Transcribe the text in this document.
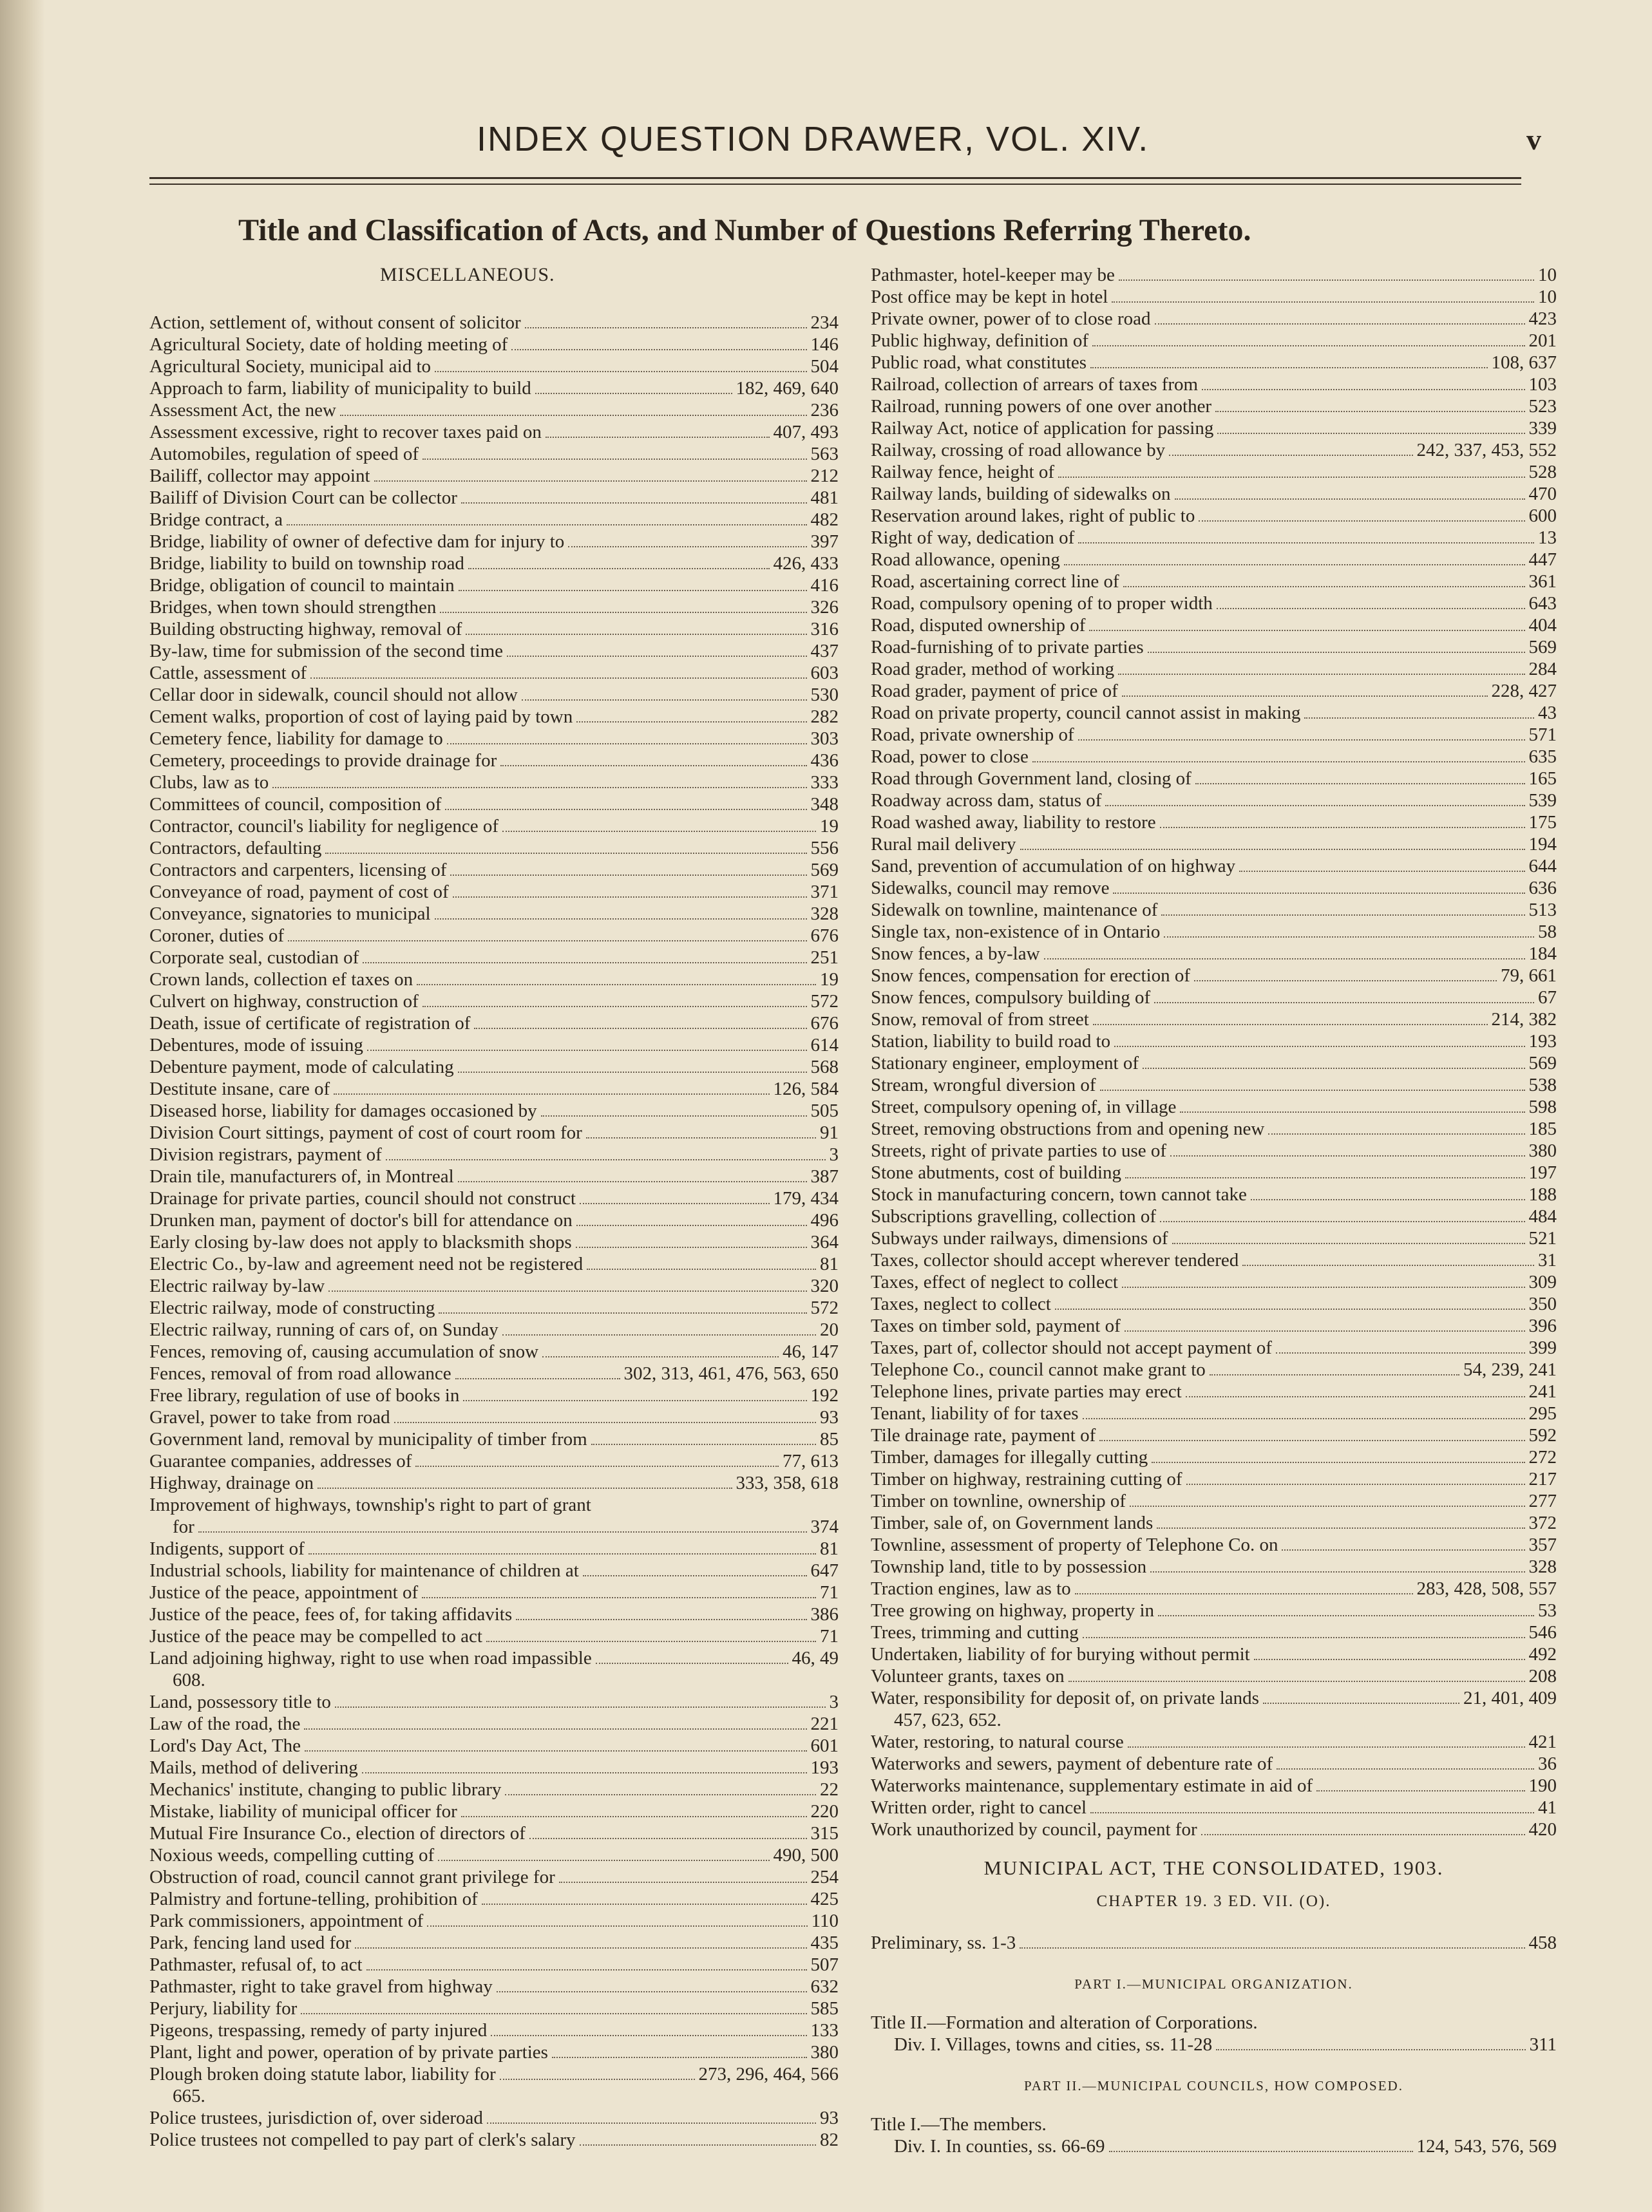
INDEX QUESTION DRAWER, VOL. XIV.	v
Title and Classification of Acts, and Number of Questions Referring Thereto.
MISCELLANEOUS.
Action, settlement of, without consent of solicitor	234
Agricultural Society, date of holding meeting of	146
Agricultural Society, municipal aid to	504
Approach to farm, liability of municipality to build	182, 469, 640
Assessment Act, the new	236
Assessment excessive, right to recover taxes paid on	407, 493
Automobiles, regulation of speed of	563
Bailiff, collector may appoint	212
Bailiff of Division Court can be collector	481
Bridge contract, a	482
Bridge, liability of owner of defective dam for injury to	397
Bridge, liability to build on township road	426, 433
Bridge, obligation of council to maintain	416
Bridges, when town should strengthen	326
Building obstructing highway, removal of	316
By-law, time for submission of the second time	437
Cattle, assessment of	603
Cellar door in sidewalk, council should not allow	530
Cement walks, proportion of cost of laying paid by town	282
Cemetery fence, liability for damage to	303
Cemetery, proceedings to provide drainage for	436
Clubs, law as to	333
Committees of council, composition of	348
Contractor, council's liability for negligence of	19
Contractors, defaulting	556
Contractors and carpenters, licensing of	569
Conveyance of road, payment of cost of	371
Conveyance, signatories to municipal	328
Coroner, duties of	676
Corporate seal, custodian of	251
Crown lands, collection ef taxes on	19
Culvert on highway, construction of	572
Death, issue of certificate of registration of	676
Debentures, mode of issuing	614
Debenture payment, mode of calculating	568
Destitute insane, care of	126, 584
Diseased horse, liability for damages occasioned by	505
Division Court sittings, payment of cost of court room for	91
Division registrars, payment of	3
Drain tile, manufacturers of, in Montreal	387
Drainage for private parties, council should not construct	179, 434
Drunken man, payment of doctor's bill for attendance on	496
Early closing by-law does not apply to blacksmith shops	364
Electric Co., by-law and agreement need not be registered	81
Electric railway by-law	320
Electric railway, mode of constructing	572
Electric railway, running of cars of, on Sunday	20
Fences, removing of, causing accumulation of snow	46, 147
Fences, removal of from road allowance	302, 313, 461, 476, 563, 650
Free library, regulation of use of books in	192
Gravel, power to take from road	93
Government land, removal by municipality of timber from	85
Guarantee companies, addresses of	77, 613
Highway, drainage on	333, 358, 618
Improvement of highways, township's right to part of grant
for	374
Indigents, support of	81
Industrial schools, liability for maintenance of children at	647
Justice of the peace, appointment of	71
Justice of the peace, fees of, for taking affidavits	386
Justice of the peace may be compelled to act	71
Land adjoining highway, right to use when road impassible	46, 49
608.
Land, possessory title to	3
Law of the road, the	221
Lord's Day Act, The	601
Mails, method of delivering	193
Mechanics' institute, changing to public library	22
Mistake, liability of municipal officer for	220
Mutual Fire Insurance Co., election of directors of	315
Noxious weeds, compelling cutting of	490, 500
Obstruction of road, council cannot grant privilege for	254
Palmistry and fortune-telling, prohibition of	425
Park commissioners, appointment of	110
Park, fencing land used for	435
Pathmaster, refusal of, to act	507
Pathmaster, right to take gravel from highway	632
Perjury, liability for	585
Pigeons, trespassing, remedy of party injured	133
Plant, light and power, operation of by private parties	380
Plough broken doing statute labor, liability for	273, 296, 464, 566
665.
Police trustees, jurisdiction of, over sideroad	93
Police trustees not compelled to pay part of clerk's salary	82
Pathmaster, hotel-keeper may be	10
Post office may be kept in hotel	10
Private owner, power of to close road	423
Public highway, definition of	201
Public road, what constitutes	108, 637
Railroad, collection of arrears of taxes from	103
Railroad, running powers of one over another	523
Railway Act, notice of application for passing	339
Railway, crossing of road allowance by	242, 337, 453, 552
Railway fence, height of	528
Railway lands, building of sidewalks on	470
Reservation around lakes, right of public to	600
Right of way, dedication of	13
Road allowance, opening	447
Road, ascertaining correct line of	361
Road, compulsory opening of to proper width	643
Road, disputed ownership of	404
Road-furnishing of to private parties	569
Road grader, method of working	284
Road grader, payment of price of	228, 427
Road on private property, council cannot assist in making	43
Road, private ownership of	571
Road, power to close	635
Road through Government land, closing of	165
Roadway across dam, status of	539
Road washed away, liability to restore	175
Rural mail delivery	194
Sand, prevention of accumulation of on highway	644
Sidewalks, council may remove	636
Sidewalk on townline, maintenance of	513
Single tax, non-existence of in Ontario	58
Snow fences, a by-law	184
Snow fences, compensation for erection of	79, 661
Snow fences, compulsory building of	67
Snow, removal of from street	214, 382
Station, liability to build road to	193
Stationary engineer, employment of	569
Stream, wrongful diversion of	538
Street, compulsory opening of, in village	598
Street, removing obstructions from and opening new	185
Streets, right of private parties to use of	380
Stone abutments, cost of building	197
Stock in manufacturing concern, town cannot take	188
Subscriptions gravelling, collection of	484
Subways under railways, dimensions of	521
Taxes, collector should accept wherever tendered	31
Taxes, effect of neglect to collect	309
Taxes, neglect to collect	350
Taxes on timber sold, payment of	396
Taxes, part of, collector should not accept payment of	399
Telephone Co., council cannot make grant to	54, 239, 241
Telephone lines, private parties may erect	241
Tenant, liability of for taxes	295
Tile drainage rate, payment of	592
Timber, damages for illegally cutting	272
Timber on highway, restraining cutting of	217
Timber on townline, ownership of	277
Timber, sale of, on Government lands	372
Townline, assessment of property of Telephone Co. on	357
Township land, title to by possession	328
Traction engines, law as to	283, 428, 508, 557
Tree growing on highway, property in	53
Trees, trimming and cutting	546
Undertaken, liability of for burying without permit	492
Volunteer grants, taxes on	208
Water, responsibility for deposit of, on private lands	21, 401, 409
457, 623, 652.
Water, restoring, to natural course	421
Waterworks and sewers, payment of debenture rate of	36
Waterworks maintenance, supplementary estimate in aid of	190
Written order, right to cancel	41
Work unauthorized by council, payment for	420
MUNICIPAL ACT, THE CONSOLIDATED, 1903.
CHAPTER 19. 3 ED. VII. (O).
Preliminary, ss. 1-3	458
PART I.—MUNICIPAL ORGANIZATION.
Title II.—Formation and alteration of Corporations.
Div. I. Villages, towns and cities, ss. 11-28	311
PART II.—MUNICIPAL COUNCILS, HOW COMPOSED.
Title I.—The members.
Div. I. In counties, ss. 66-69	124, 543, 576, 569
